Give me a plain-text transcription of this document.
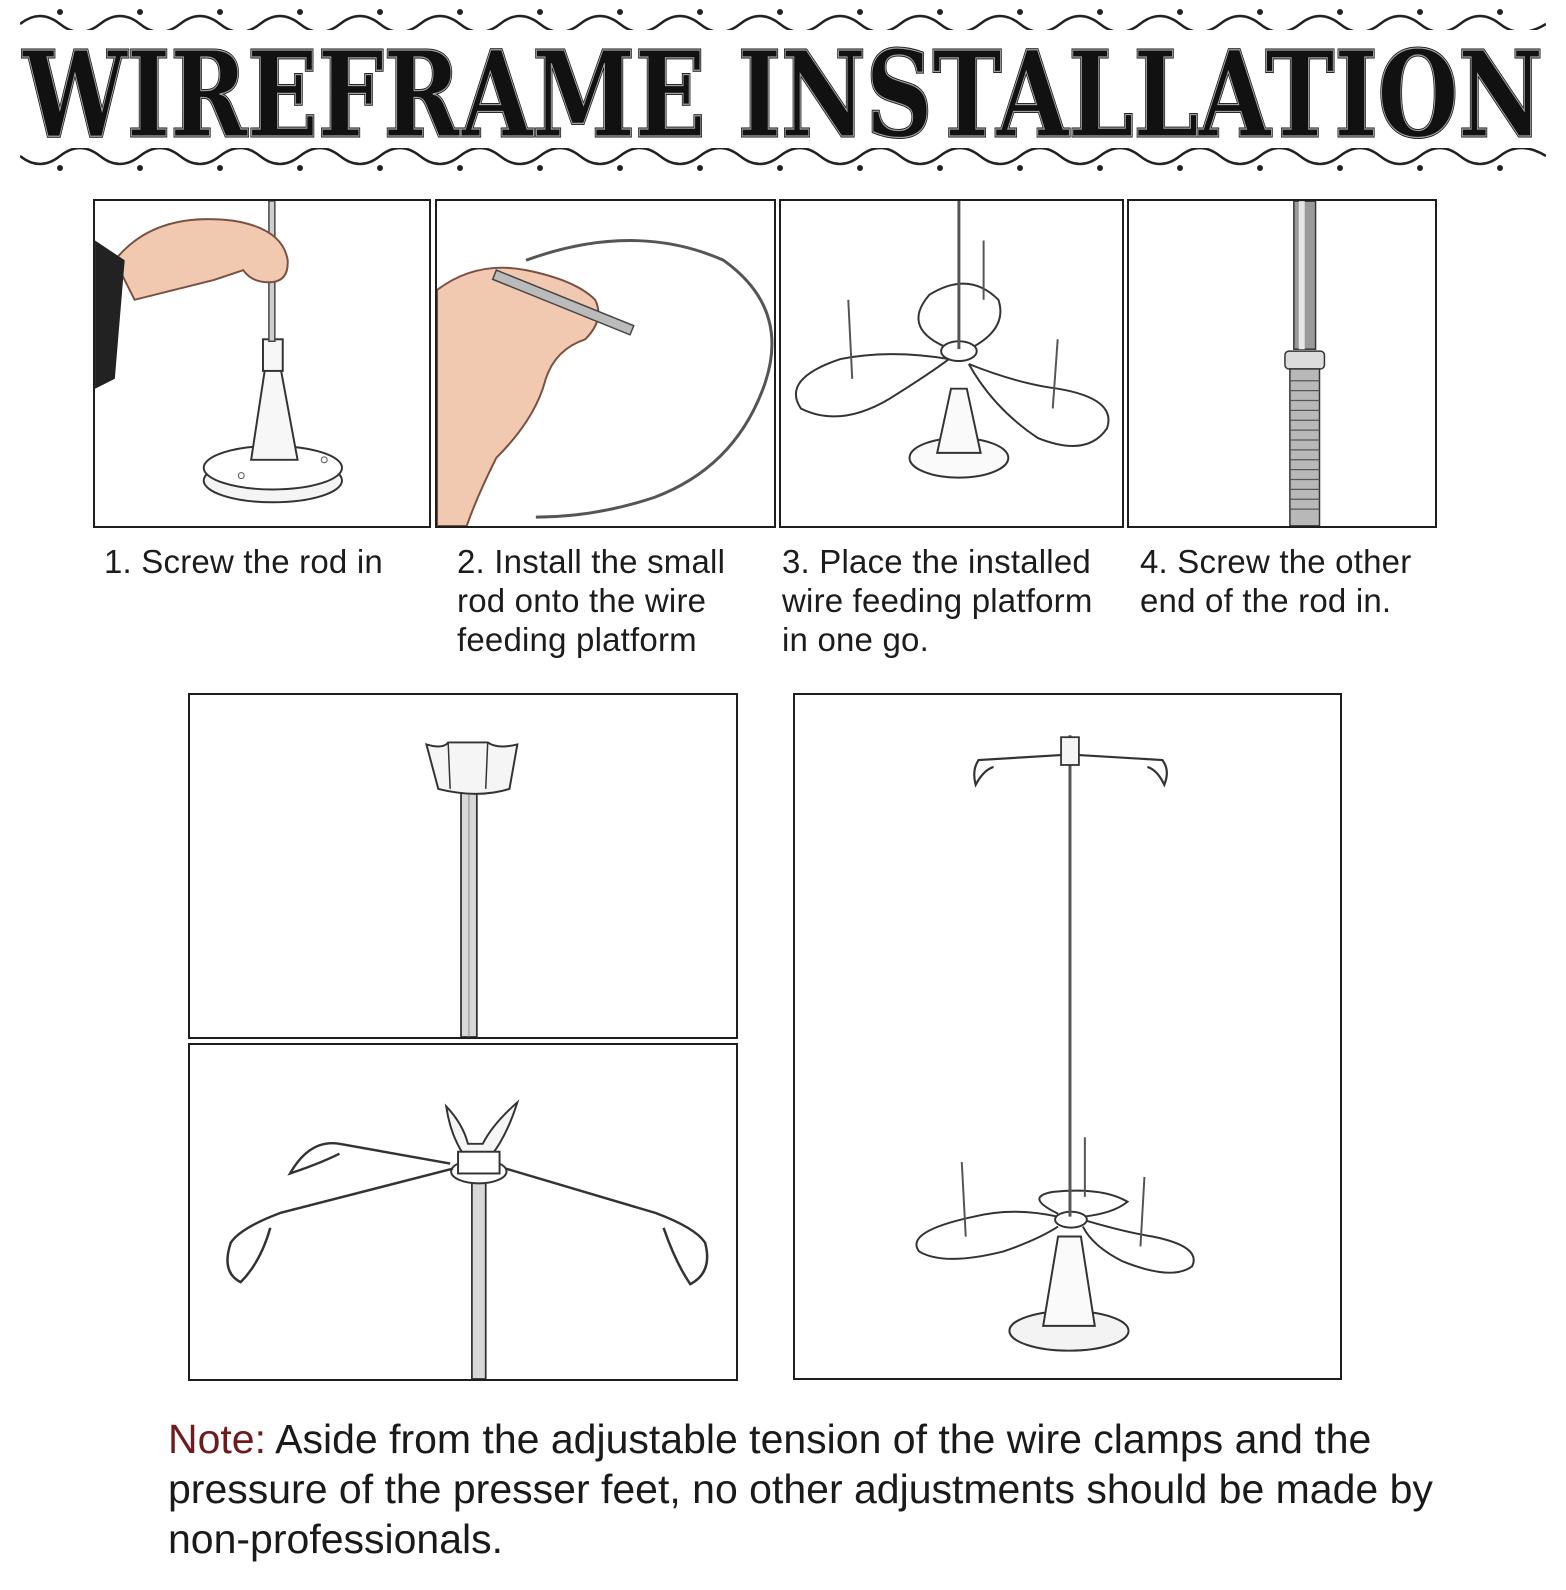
WIREFRAME INSTALLATION
WIREFRAME INSTALLATION
1. Screw the rod in	2. Install the small
rod onto the wire
feeding platform
3. Place the installed
wire feeding platform
in one go.
4. Screw the other
end of the rod in.
Note: Aside from the adjustable tension of the wire clamps and the pressure of the presser feet, no other adjustments should be made by non-professionals.
